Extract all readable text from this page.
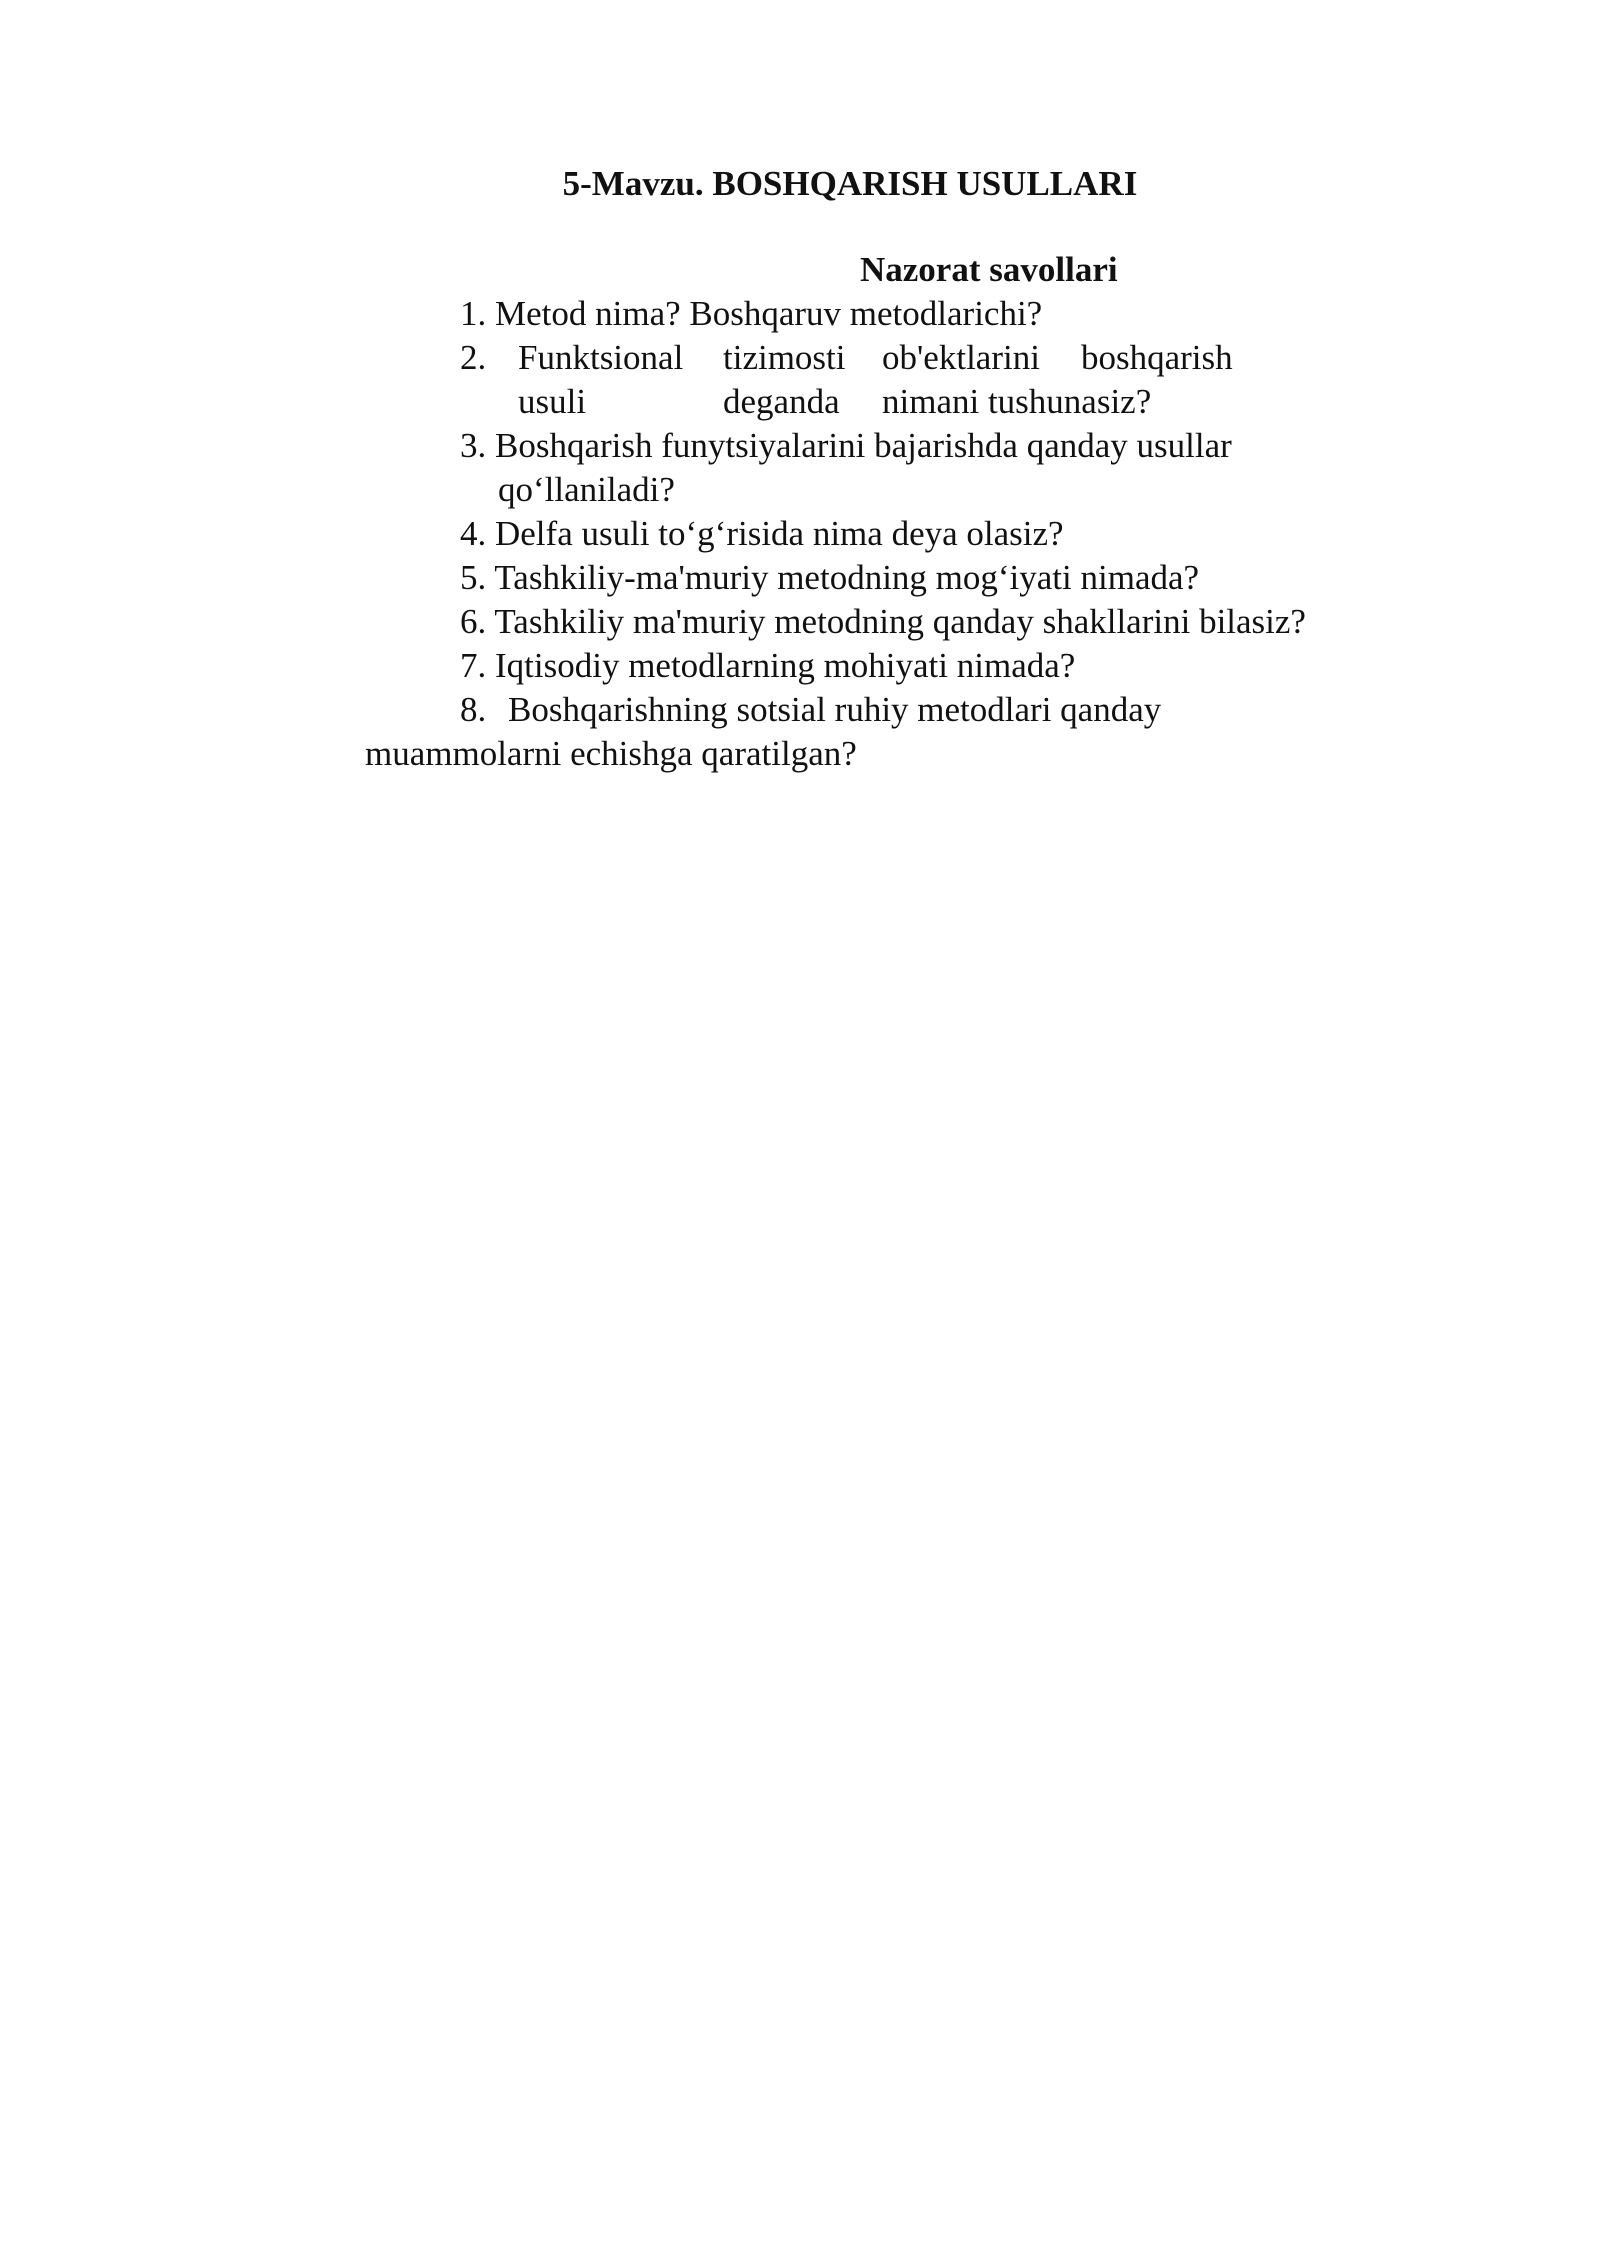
5-Mavzu. BOSHQARISH USULLARI
Nazorat savollari
1. Metod nima? Boshqaruv metodlarichi?
2. Funktsional tizimosti ob'ektlarini boshqarish
usuli	deganda nimani tushunasiz?
3. Boshqarish funytsiyalarini bajarishda qanday usullar
qo‘llaniladi?
4. Delfa usuli to‘g‘risida nima deya olasiz?
5. Tashkiliy-ma'muriy metodning mog‘iyati nimada?
6. Tashkiliy ma'muriy metodning qanday shakllarini bilasiz?
7. Iqtisodiy metodlarning mohiyati nimada?
8. Boshqarishning sotsial ruhiy metodlari qanday
muammolarni echishga qaratilgan?
